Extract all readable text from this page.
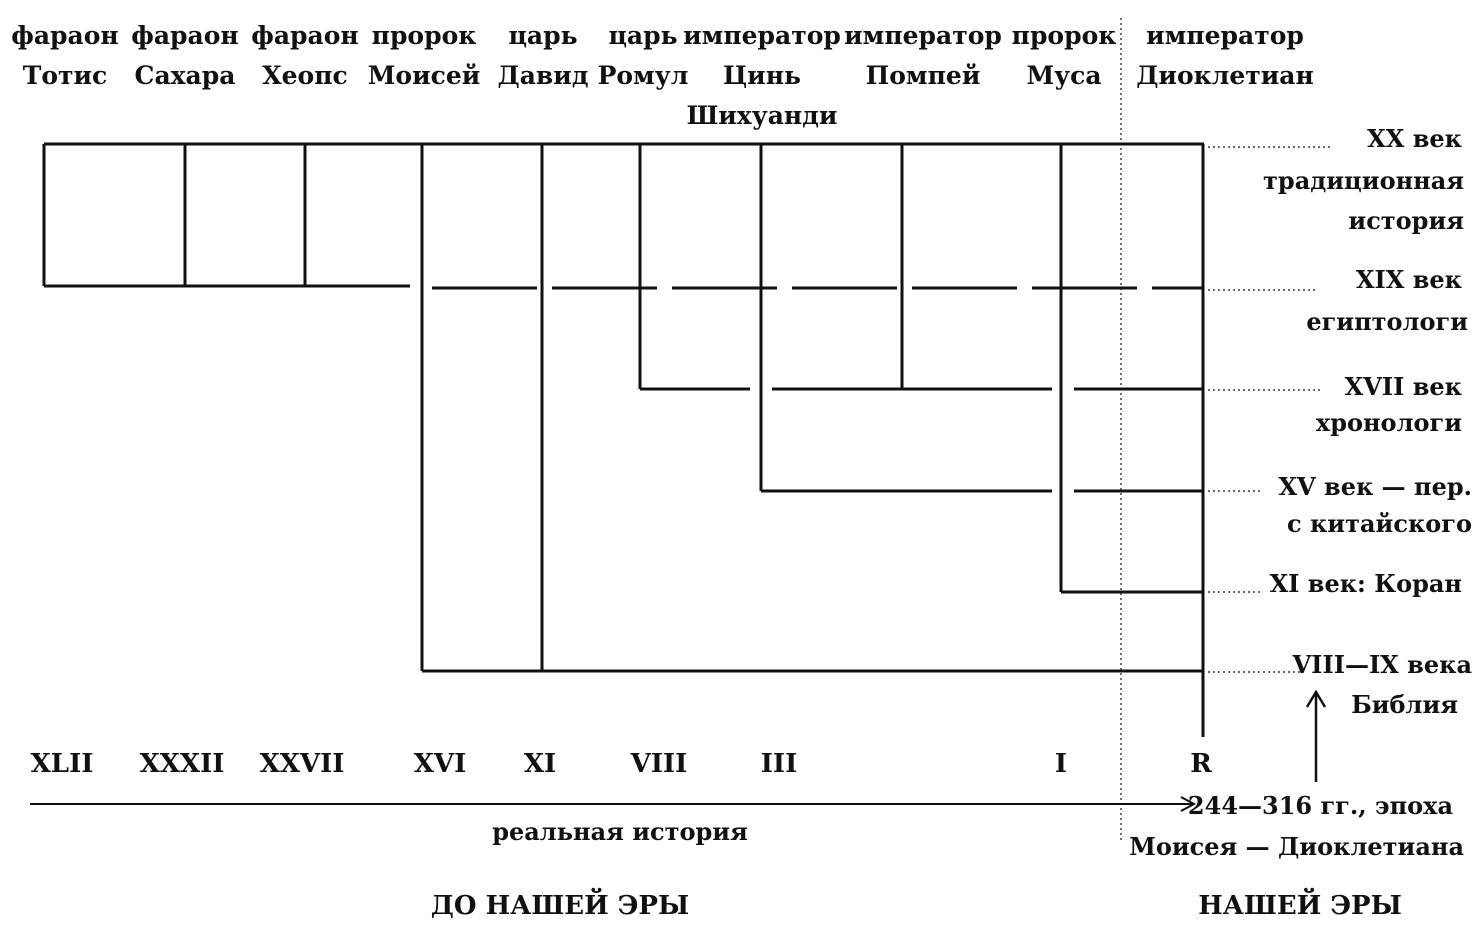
фараон
Тотис
фараон
Сахара
фараон
Хеопс
пророк
Моисей
царь
Давид
царь
Ромул
император
Цинь
Шихуанди
император
Помпей
пророк
Муса
император
Диоклетиан
XX век
традиционная
история
XIX век
египтологи
XVII век
хронологи
XV век — пер.
с китайского
XI век: Коран
VIII—IX века
Библия
XLII XXXII XXVII	XVI XI	VIII	III	I	R
реальная история
244—316 гг., эпоха
Моисея — Диоклетиана
ДО НАШЕЙ ЭРЫ	НАШЕЙ ЭРЫ
